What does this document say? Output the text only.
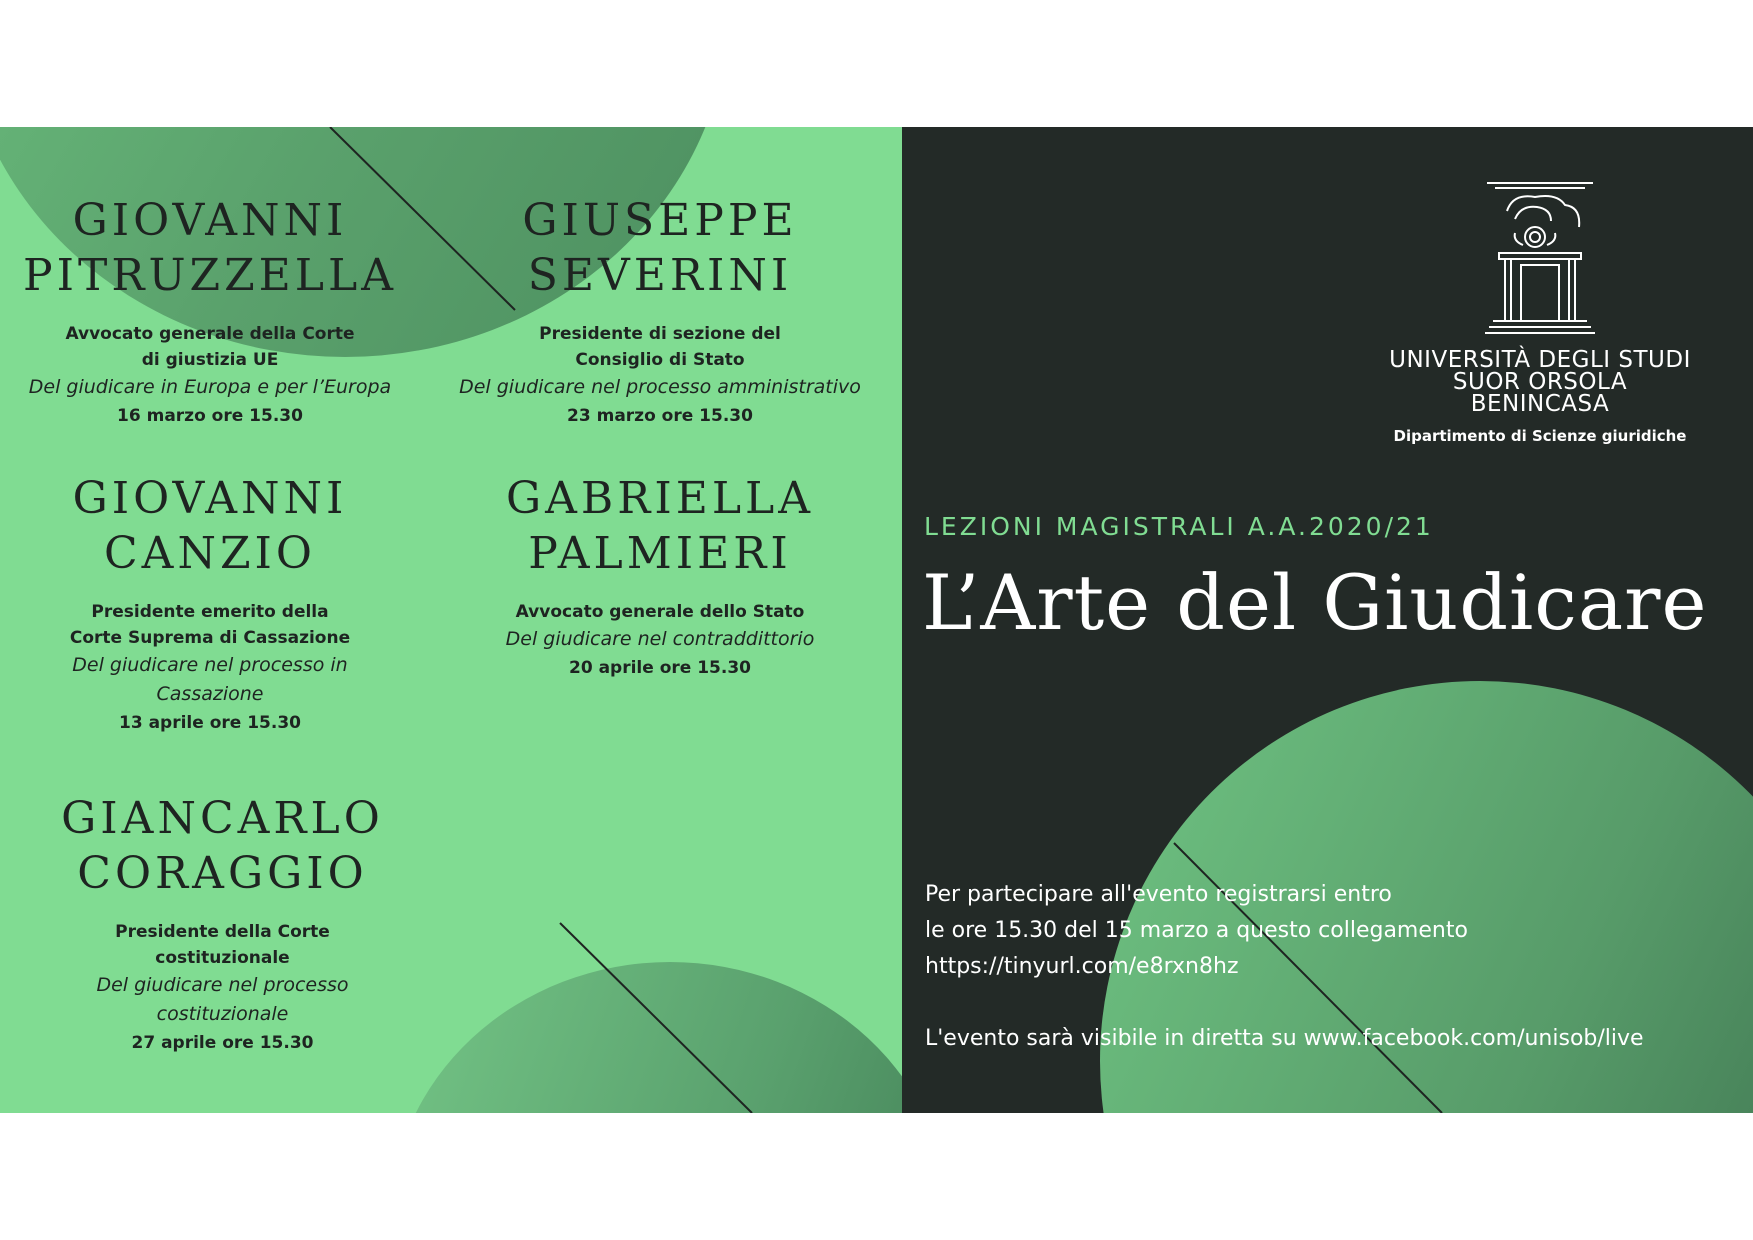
GIOVANNI
PITRUZZELLA
Avvocato generale della Corte
di giustizia UE
Del giudicare in Europa e per l’Europa
16 marzo ore 15.30
GIUSEPPE
SEVERINI
Presidente di sezione del
Consiglio di Stato
Del giudicare nel processo amministrativo
23 marzo ore 15.30
GIOVANNI
CANZIO
Presidente emerito della
Corte Suprema di Cassazione
Del giudicare nel processo in
Cassazione
13 aprile ore 15.30
GABRIELLA
PALMIERI
Avvocato generale dello Stato
Del giudicare nel contraddittorio
20 aprile ore 15.30
GIANCARLO
CORAGGIO
Presidente della Corte
costituzionale
Del giudicare nel processo
costituzionale
27 aprile ore 15.30
UNIVERSITÀ DEGLI STUDI
SUOR ORSOLA
BENINCASA
Dipartimento di Scienze giuridiche
LEZIONI MAGISTRALI A.A.2020/21
L’Arte del Giudicare
Per partecipare all'evento registrarsi entro
le ore 15.30 del 15 marzo a questo collegamento
https://tinyurl.com/e8rxn8hz
L'evento sarà visibile in diretta su www.facebook.com/unisob/live
